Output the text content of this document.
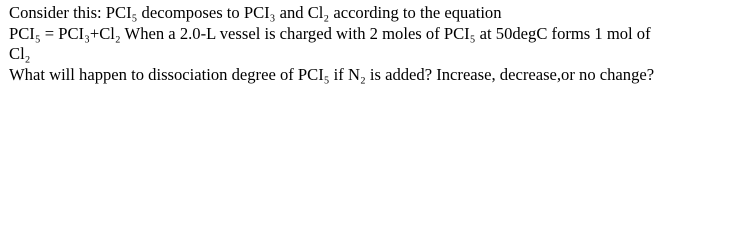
Consider this: PCI₅ decomposes to PCI₃ and Cl₂ according to the equation
PCI₅ = PCI₃+Cl₂ When a 2.0-L vessel is charged with 2 moles of PCI₅ at 50degC forms 1 mol of
Cl₂
What will happen to dissociation degree of PCI₅ if N₂ is added? Increase, decrease,or no change?
